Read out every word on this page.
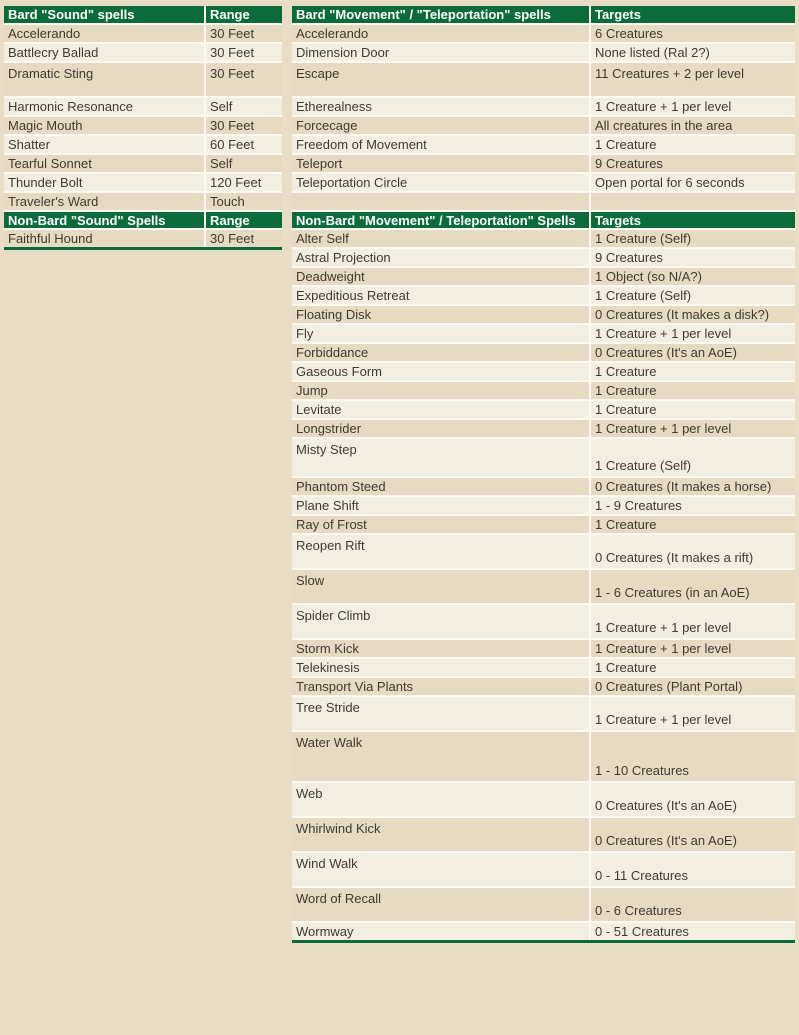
Bard "Sound" spells	Range
Accelerando	30 Feet
Battlecry Ballad	30 Feet
Dramatic Sting	30 Feet
Harmonic Resonance	Self
Magic Mouth	30 Feet
Shatter	60 Feet
Tearful Sonnet	Self
Thunder Bolt	120 Feet
Traveler's Ward	Touch
Non-Bard "Sound" Spells	Range
Faithful Hound	30 Feet
Bard "Movement" / "Teleportation" spells	Targets
Accelerando	6 Creatures
Dimension Door	None listed (Ral 2?)
Escape	11 Creatures + 2 per level
Etherealness	1 Creature + 1 per level
Forcecage	All creatures in the area
Freedom of Movement	1 Creature
Teleport	9 Creatures
Teleportation Circle	Open portal for 6 seconds

Non-Bard "Movement" / Teleportation" Spells	Targets
Alter Self	1 Creature (Self)
Astral Projection	9 Creatures
Deadweight	1 Object (so N/A?)
Expeditious Retreat	1 Creature (Self)
Floating Disk	0 Creatures (It makes a disk?)
Fly	1 Creature + 1 per level
Forbiddance	0 Creatures (It's an AoE)
Gaseous Form	1 Creature
Jump	1 Creature
Levitate	1 Creature
Longstrider	1 Creature + 1 per level
Misty Step	1 Creature (Self)
Phantom Steed	0 Creatures (It makes a horse)
Plane Shift	1 - 9 Creatures
Ray of Frost	1 Creature
Reopen Rift	0 Creatures (It makes a rift)
Slow	1 - 6 Creatures (in an AoE)
Spider Climb	1 Creature + 1 per level
Storm Kick	1 Creature + 1 per level
Telekinesis	1 Creature
Transport Via Plants	0 Creatures (Plant Portal)
Tree Stride	1 Creature + 1 per level
Water Walk	1 - 10 Creatures
Web	0 Creatures (It's an AoE)
Whirlwind Kick	0 Creatures (It's an AoE)
Wind Walk	0 - 11 Creatures
Word of Recall	0 - 6 Creatures
Wormway	0 - 51 Creatures
